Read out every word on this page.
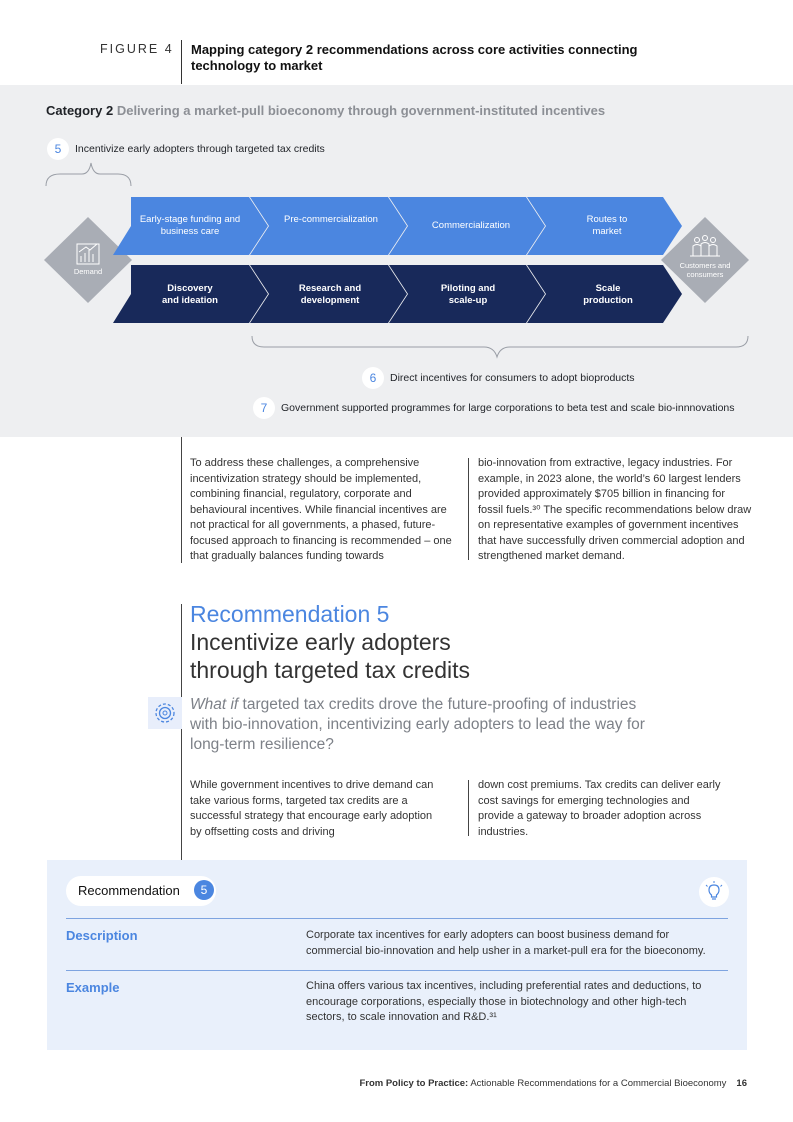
FIGURE 4 Mapping category 2 recommendations across core activities connecting technology to market
Category 2 Delivering a market-pull bioeconomy through government-instituted incentives
5	Incentivize early adopters through targeted tax credits
Demand
Customers and consumers
Early-stage funding and business care
Pre-commercialization
Commercialization
Routes to market
Discovery and ideation
Research and development
Piloting and scale-up
Scale production
6	Direct incentives for consumers to adopt bioproducts
7	Government supported programmes for large corporations to beta test and scale bio-innnovations
To address these challenges, a comprehensive incentivization strategy should be implemented, combining financial, regulatory, corporate and behavioural incentives. While financial incentives are not practical for all governments, a phased, future-focused approach to financing is recommended – one that gradually balances funding towards
bio-innovation from extractive, legacy industries. For example, in 2023 alone, the world’s 60 largest lenders provided approximately $705 billion in financing for fossil fuels.³⁰ The specific recommendations below draw on representative examples of government incentives that have successfully driven commercial adoption and strengthened market demand.
Recommendation 5
Incentivize early adopters
through targeted tax credits
What if targeted tax credits drove the future-proofing of industries with bio-innovation, incentivizing early adopters to lead the way for long-term resilience?
While government incentives to drive demand can take various forms, targeted tax credits are a successful strategy that encourage early adoption by offsetting costs and driving
down cost premiums. Tax credits can deliver early cost savings for emerging technologies and provide a gateway to broader adoption across industries.
Recommendation	5
Description	Corporate tax incentives for early adopters can boost business demand for commercial bio-innovation and help usher in a market-pull era for the bioeconomy.
Example	China offers various tax incentives, including preferential rates and deductions, to encourage corporations, especially those in biotechnology and other high-tech sectors, to scale innovation and R&D.³¹
From Policy to Practice: Actionable Recommendations for a Commercial Bioeconomy 16
